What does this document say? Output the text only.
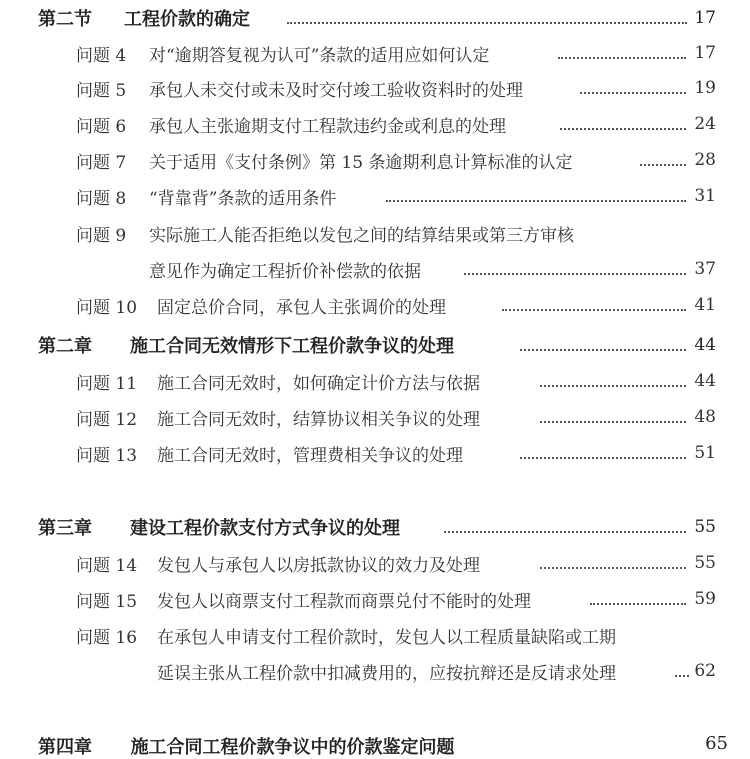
第二节 工程价款的确定	17
问题 4 对“逾期答复视为认可”条款的适用应如何认定	17
问题 5 承包人未交付或未及时交付竣工验收资料时的处理	19
问题 6 承包人主张逾期支付工程款违约金或利息的处理	24
问题 7 关于适用《支付条例》第 15 条逾期利息计算标准的认定	28
问题 8 “背靠背”条款的适用条件	31
问题 9 实际施工人能否拒绝以发包之间的结算结果或第三方审核
意见作为确定工程折价补偿款的依据	37
问题 10 固定总价合同，承包人主张调价的处理	41
第二章 施工合同无效情形下工程价款争议的处理	44
问题 11 施工合同无效时，如何确定计价方法与依据	44
问题 12 施工合同无效时，结算协议相关争议的处理	48
问题 13 施工合同无效时，管理费相关争议的处理	51
第三章 建设工程价款支付方式争议的处理	55
问题 14 发包人与承包人以房抵款协议的效力及处理	55
问题 15 发包人以商票支付工程款而商票兑付不能时的处理	59
问题 16 在承包人申请支付工程价款时，发包人以工程质量缺陷或工期
延误主张从工程价款中扣减费用的，应按抗辩还是反请求处理	62
第四章 施工合同工程价款争议中的价款鉴定问题	65
